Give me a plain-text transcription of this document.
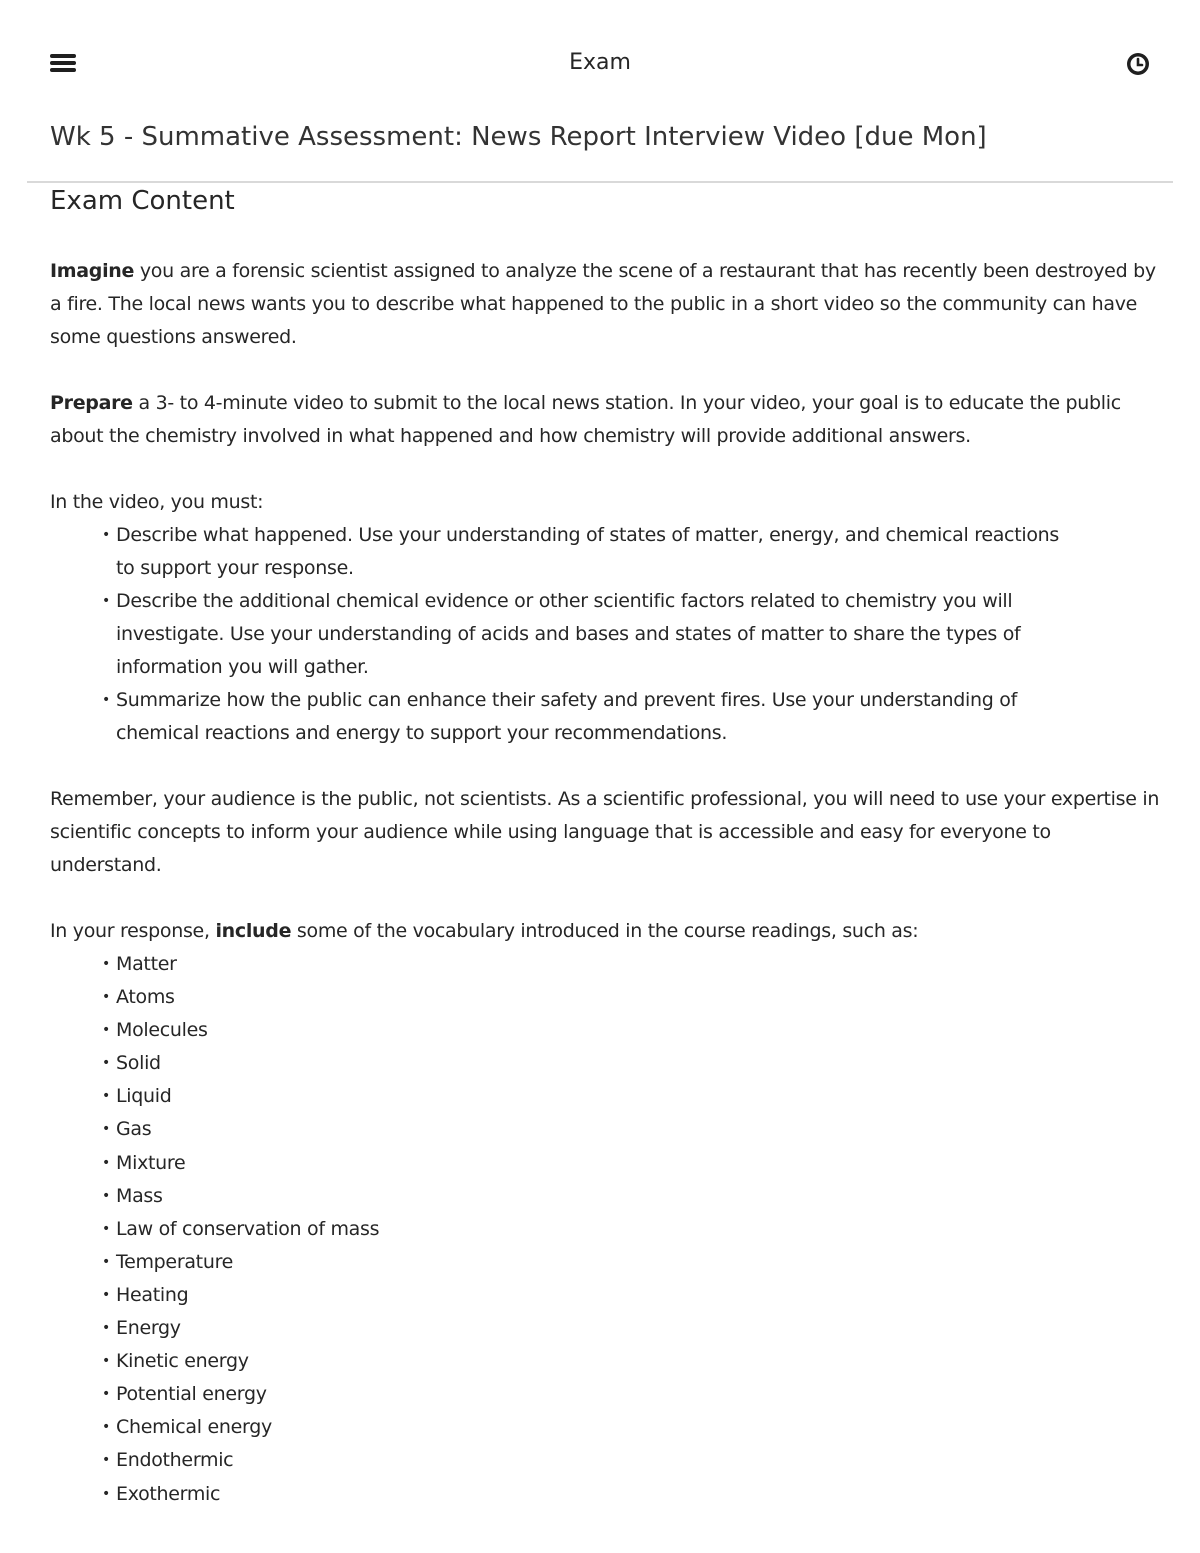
Exam
Wk 5 - Summative Assessment: News Report Interview Video [due Mon]
Exam Content

Imagine you are a forensic scientist assigned to analyze the scene of a restaurant that has recently been destroyed by a fire. The local news wants you to describe what happened to the public in a short video so the community can have some questions answered.

Prepare a 3- to 4-minute video to submit to the local news station. In your video, your goal is to educate the public about the chemistry involved in what happened and how chemistry will provide additional answers.

In the video, you must:

• Describe what happened. Use your understanding of states of matter, energy, and chemical reactions to support your response.
• Describe the additional chemical evidence or other scientific factors related to chemistry you will investigate. Use your understanding of acids and bases and states of matter to share the types of information you will gather.
• Summarize how the public can enhance their safety and prevent fires. Use your understanding of chemical reactions and energy to support your recommendations.

Remember, your audience is the public, not scientists. As a scientific professional, you will need to use your expertise in scientific concepts to inform your audience while using language that is accessible and easy for everyone to understand.

In your response, include some of the vocabulary introduced in the course readings, such as:

• Matter
• Atoms
• Molecules
• Solid
• Liquid
• Gas
• Mixture
• Mass
• Law of conservation of mass
• Temperature
• Heating
• Energy
• Kinetic energy
• Potential energy
• Chemical energy
• Endothermic
• Exothermic
